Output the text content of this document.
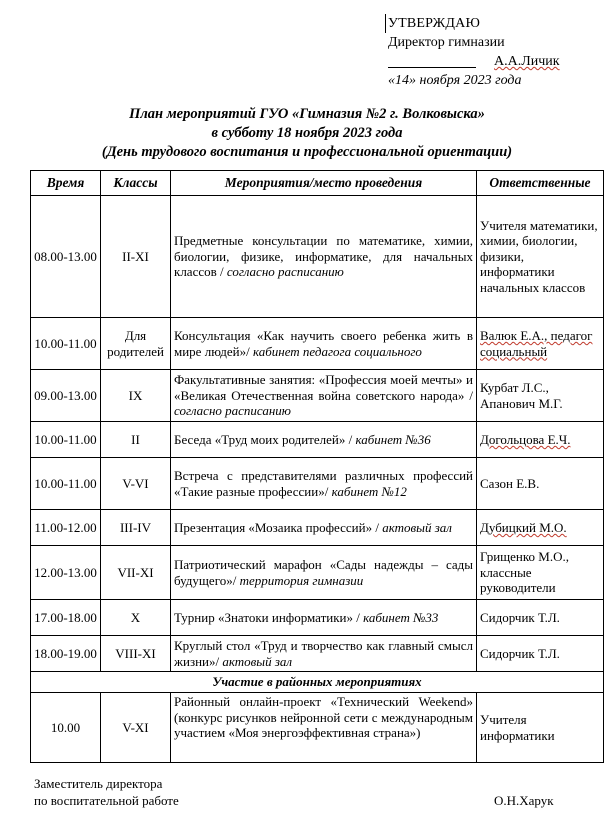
УТВЕРЖДАЮ
Директор гимназии
А.А.Личик
«14» ноября 2023 года
План мероприятий ГУО «Гимназия №2 г. Волковыска»
в субботу 18 ноября 2023 года
(День трудового воспитания и профессиональной ориентации)
Время	Классы	Мероприятия/место проведения	Ответственные
08.00-13.00	II-XI	Предметные консультации по математике, химии, биологии, физике, информатике, для начальных классов / согласно расписанию	Учителя математики, химии, биологии, физики, информатики начальных классов
10.00-11.00	Для родителей	Консультация «Как научить своего ребенка жить в мире людей»/ кабинет педагога социального	Валюк Е.А., педагог социальный
09.00-13.00	IX	Факультативные занятия: «Профессия моей мечты» и «Великая Отечественная война советского народа» / согласно расписанию	Курбат Л.С., Апанович М.Г.
10.00-11.00	II	Беседа «Труд моих родителей» / кабинет №36	Догольцова Е.Ч.
10.00-11.00	V-VI	Встреча с представителями различных профессий «Такие разные профессии»/ кабинет №12	Сазон Е.В.
11.00-12.00	III-IV	Презентация «Мозаика профессий» / актовый зал	Дубицкий М.О.
12.00-13.00	VII-XI	Патриотический марафон «Сады надежды – сады будущего»/ территория гимназии	Грищенко М.О., классные руководители
17.00-18.00	X	Турнир «Знатоки информатики» / кабинет №33	Сидорчик Т.Л.
18.00-19.00	VIII-XI	Круглый стол «Труд и творчество как главный смысл жизни»/ актовый зал	Сидорчик Т.Л.
Участие в районных мероприятиях			
10.00	V-XI	Районный онлайн-проект «Технический Weekend» (конкурс рисунков нейронной сети с международным участием «Моя энергоэффективная страна»)	Учителя информатики
Заместитель директора
по воспитательной работе	О.Н.Харук
